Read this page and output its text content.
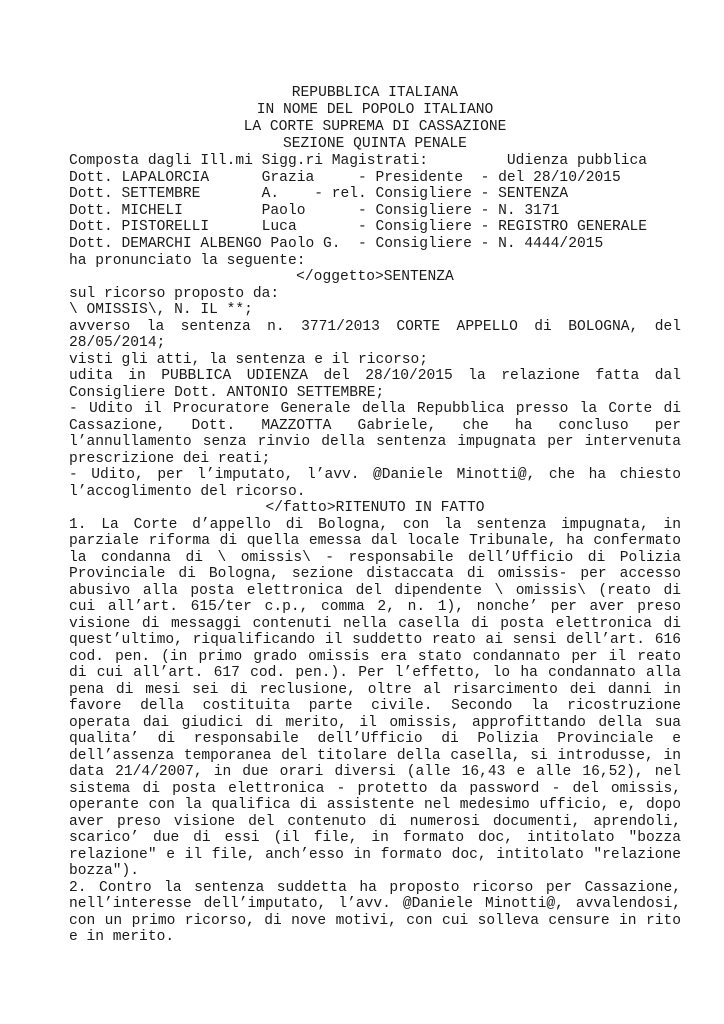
REPUBBLICA ITALIANA
IN NOME DEL POPOLO ITALIANO
LA CORTE SUPREMA DI CASSAZIONE
SEZIONE QUINTA PENALE
Composta dagli Ill.mi Sigg.ri Magistrati:         Udienza pubblica
Dott. LAPALORCIA      Grazia     - Presidente  - del 28/10/2015
Dott. SETTEMBRE       A.    - rel. Consigliere - SENTENZA
Dott. MICHELI         Paolo      - Consigliere - N. 3171
Dott. PISTORELLI      Luca       - Consigliere - REGISTRO GENERALE
Dott. DEMARCHI ALBENGO Paolo G.  - Consigliere - N. 4444/2015
ha pronunciato la seguente:
</oggetto>SENTENZA
sul ricorso proposto da:
\ OMISSIS\, N. IL **;
avverso la sentenza n. 3771/2013 CORTE APPELLO di BOLOGNA, del
28/05/2014;
visti gli atti, la sentenza e il ricorso;
udita in PUBBLICA UDIENZA del 28/10/2015 la relazione fatta dal
Consigliere Dott. ANTONIO SETTEMBRE;
- Udito il Procuratore Generale della Repubblica presso la Corte di
Cassazione, Dott. MAZZOTTA Gabriele, che ha concluso per
l’annullamento senza rinvio della sentenza impugnata per intervenuta
prescrizione dei reati;
- Udito, per l’imputato, l’avv. @Daniele Minotti@, che ha chiesto
l’accoglimento del ricorso.
</fatto>RITENUTO IN FATTO
1. La Corte d’appello di Bologna, con la sentenza impugnata, in
parziale riforma di quella emessa dal locale Tribunale, ha confermato
la condanna di \ omissis\ - responsabile dell’Ufficio di Polizia
Provinciale di Bologna, sezione distaccata di omissis- per accesso
abusivo alla posta elettronica del dipendente \ omissis\ (reato di
cui all’art. 615/ter c.p., comma 2, n. 1), nonche’ per aver preso
visione di messaggi contenuti nella casella di posta elettronica di
quest’ultimo, riqualificando il suddetto reato ai sensi dell’art. 616
cod. pen. (in primo grado omissis era stato condannato per il reato
di cui all’art. 617 cod. pen.). Per l’effetto, lo ha condannato alla
pena di mesi sei di reclusione, oltre al risarcimento dei danni in
favore della costituita parte civile. Secondo la ricostruzione
operata dai giudici di merito, il omissis, approfittando della sua
qualita’ di responsabile dell’Ufficio di Polizia Provinciale e
dell’assenza temporanea del titolare della casella, si introdusse, in
data 21/4/2007, in due orari diversi (alle 16,43 e alle 16,52), nel
sistema di posta elettronica - protetto da password - del omissis,
operante con la qualifica di assistente nel medesimo ufficio, e, dopo
aver preso visione del contenuto di numerosi documenti, aprendoli,
scarico’ due di essi (il file, in formato doc, intitolato "bozza
relazione" e il file, anch’esso in formato doc, intitolato "relazione
bozza").
2. Contro la sentenza suddetta ha proposto ricorso per Cassazione,
nell’interesse dell’imputato, l’avv. @Daniele Minotti@, avvalendosi,
con un primo ricorso, di nove motivi, con cui solleva censure in rito
e in merito.
